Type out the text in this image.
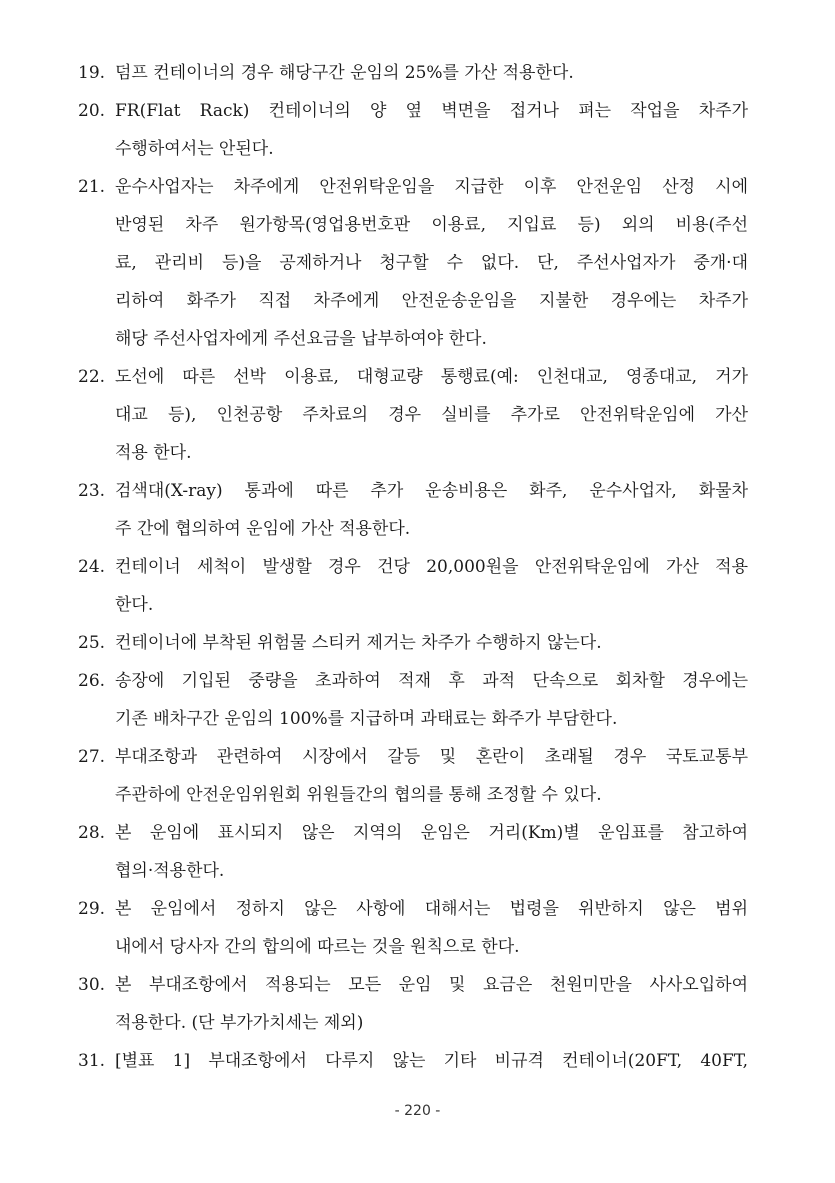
19. 덤프 컨테이너의 경우 해당구간 운임의 25%를 가산 적용한다.
20. FR(Flat Rack) 컨테이너의 양 옆 벽면을 접거나 펴는 작업을 차주가
수행하여서는 안된다.
21. 운수사업자는 차주에게 안전위탁운임을 지급한 이후 안전운임 산정 시에
반영된 차주 원가항목(영업용번호판 이용료, 지입료 등) 외의 비용(주선
료, 관리비 등)을 공제하거나 청구할 수 없다. 단, 주선사업자가 중개·대
리하여 화주가 직접 차주에게 안전운송운임을 지불한 경우에는 차주가
해당 주선사업자에게 주선요금을 납부하여야 한다.
22. 도선에 따른 선박 이용료, 대형교량 통행료(예: 인천대교, 영종대교, 거가
대교 등), 인천공항 주차료의 경우 실비를 추가로 안전위탁운임에 가산
적용 한다.
23. 검색대(X-ray) 통과에 따른 추가 운송비용은 화주, 운수사업자, 화물차
주 간에 협의하여 운임에 가산 적용한다.
24. 컨테이너 세척이 발생할 경우 건당 20,000원을 안전위탁운임에 가산 적용
한다.
25. 컨테이너에 부착된 위험물 스티커 제거는 차주가 수행하지 않는다.
26. 송장에 기입된 중량을 초과하여 적재 후 과적 단속으로 회차할 경우에는
기존 배차구간 운임의 100%를 지급하며 과태료는 화주가 부담한다.
27. 부대조항과 관련하여 시장에서 갈등 및 혼란이 초래될 경우 국토교통부
주관하에 안전운임위원회 위원들간의 협의를 통해 조정할 수 있다.
28. 본 운임에 표시되지 않은 지역의 운임은 거리(Km)별 운임표를 참고하여
협의·적용한다.
29. 본 운임에서 정하지 않은 사항에 대해서는 법령을 위반하지 않은 범위
내에서 당사자 간의 합의에 따르는 것을 원칙으로 한다.
30. 본 부대조항에서 적용되는 모든 운임 및 요금은 천원미만을 사사오입하여
적용한다. (단 부가가치세는 제외)
31. [별표 1] 부대조항에서 다루지 않는 기타 비규격 컨테이너(20FT, 40FT,
- 220 -
